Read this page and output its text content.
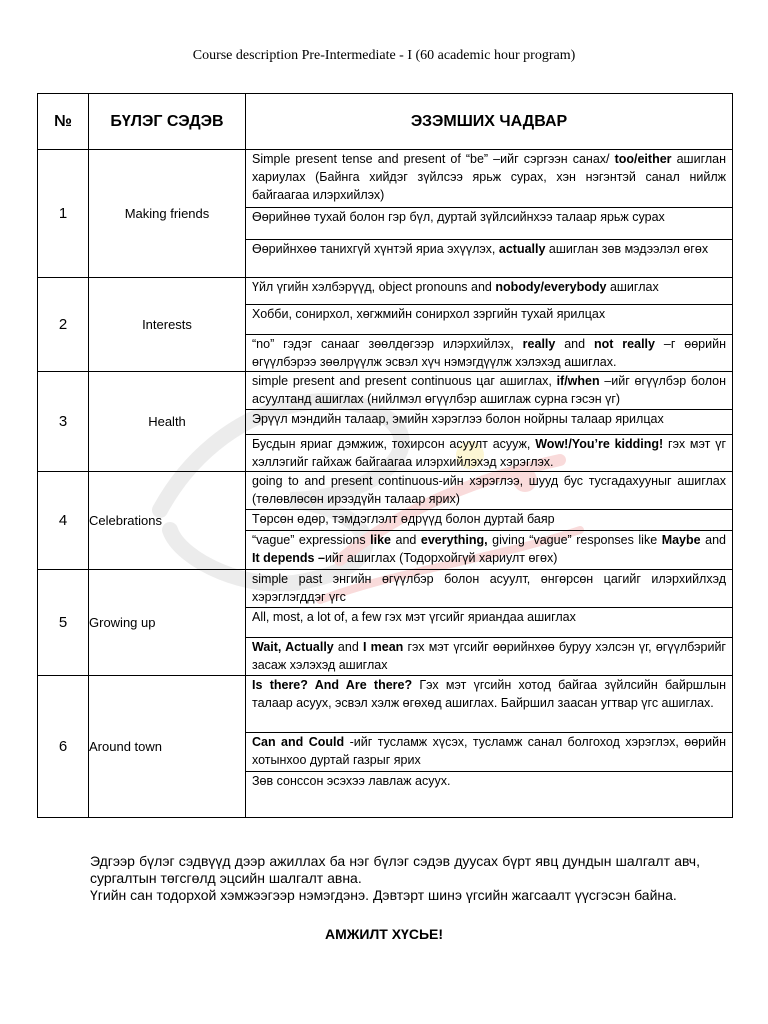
Course description Pre-Intermediate - I (60 academic hour program)
№	БҮЛЭГ СЭДЭВ	ЭЗЭМШИХ ЧАДВАР
1	Making friends	Simple present tense and present of “be” –ийг сэргээн санах/ too/either ашиглан хариулах (Байнга хийдэг зүйлсээ ярьж сурах, хэн нэгэнтэй санал нийлж байгаагаа илэрхийлэх)
Өөрийнөө тухай болон гэр бүл, дуртай зүйлсийнхээ талаар ярьж сурах
Өөрийнхөө танихгүй хүнтэй яриа эхүүлэх, actually ашиглан зөв мэдээлэл өгөх

2	Interests	Үйл үгийн хэлбэрүүд, object pronouns and nobody/everybody ашиглах
Хобби, сонирхол, хөгжмийн сонирхол зэргийн тухай ярилцах
“no” гэдэг санааг зөөлдөгээр илэрхийлэх, really and not really –г өөрийн өгүүлбэрээ зөөлрүүлж эсвэл хүч нэмэгдүүлж хэлэхэд ашиглах.

3	Health	simple present and present continuous цаг ашиглах, if/when –ийг өгүүлбэр болон асуултанд ашиглах (нийлмэл өгүүлбэр ашиглаж сурна гэсэн үг)
Эрүүл мэндийн талаар, эмийн хэрэглээ болон нойрны талаар ярилцах
Бусдын яриаг дэмжиж, тохирсон асуулт асууж, Wow!/You’re kidding! гэх мэт үг хэллэгийг гайхаж байгаагаа илэрхийлэхэд хэрэглэх.

4	Celebrations	going to and present continuous-ийн хэрэглээ, шууд бус тусгадахууныг ашиглах (төлөвлөсөн ирээдүйн талаар ярих)
Төрсөн өдөр, тэмдэглэлт өдрүүд болон дуртай баяр
“vague” expressions like and everything, giving “vague” responses like Maybe and It depends –ийг ашиглах (Тодорхойгүй хариулт өгөх)

5	Growing up	simple past энгийн өгүүлбэр болон асуулт, өнгөрсөн цагийг илэрхийлхэд хэрэглэгддэг үгс
All, most, a lot of, a few гэх мэт үгсийг яриандаа ашиглах
Wait, Actually and I mean гэх мэт үгсийг өөрийнхөө буруу хэлсэн үг, өгүүлбэрийг засаж хэлэхэд ашиглах

6	Around town	Is there? And Are there? Гэх мэт үгсийн хотод байгаа зүйлсийн байршлын талаар асуух, эсвэл хэлж өгөхөд ашиглах. Байршил заасан угтвар үгс ашиглах.
Can and Could -ийг тусламж хүсэх, тусламж санал болгоход хэрэглэх, өөрийн хотынхоо дуртай газрыг ярих
Зөв сонссон эсэхээ лавлаж асуух.
Эдгээр бүлэг сэдвүүд дээр ажиллах ба нэг бүлэг сэдэв дуусах бүрт явц дундын шалгалт авч, сургалтын төгсгөлд эцсийн шалгалт авна.
Үгийн сан тодорхой хэмжээгээр нэмэгдэнэ. Дэвтэрт шинэ үгсийн жагсаалт үүсгэсэн байна.
АМЖИЛТ ХҮСЬЕ!
